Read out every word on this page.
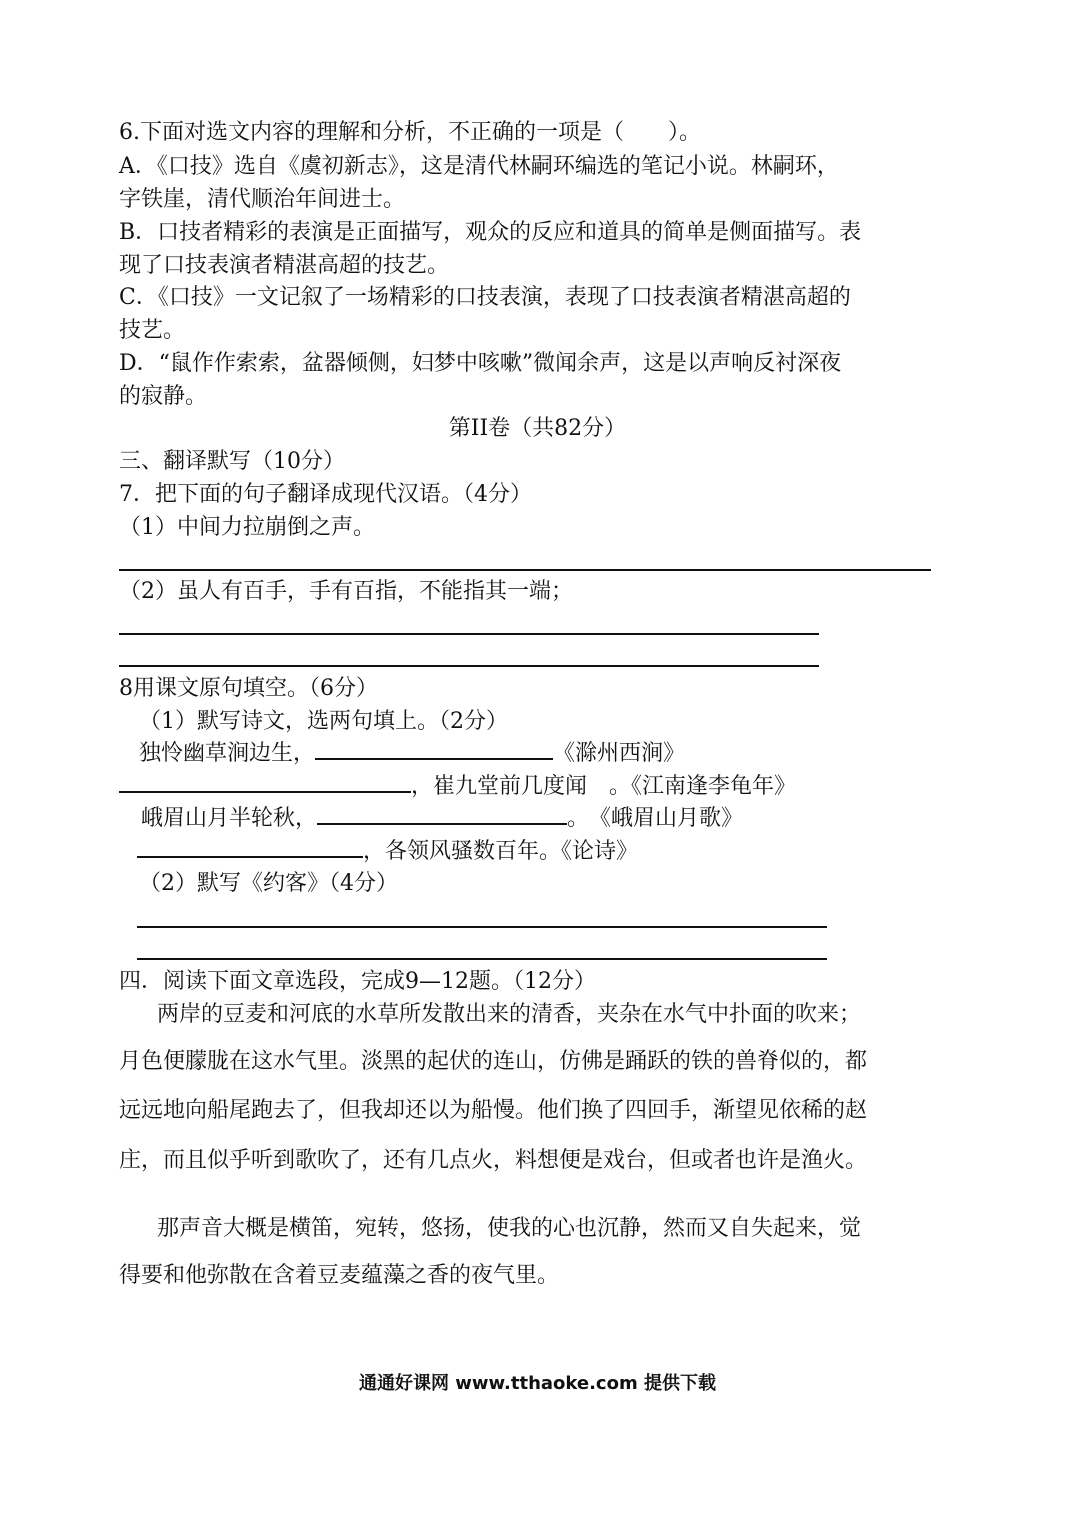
6.下面对选文内容的理解和分析，不正确的一项是（　　）。
A．《口技》选自《虞初新志》，这是清代林嗣环编选的笔记小说。林嗣环，
字铁崖，清代顺治年间进士。
B．口技者精彩的表演是正面描写，观众的反应和道具的简单是侧面描写。表
现了口技表演者精湛高超的技艺。
C．《口技》一文记叙了一场精彩的口技表演，表现了口技表演者精湛高超的
技艺。
D．“鼠作作索索，盆器倾侧，妇梦中咳嗽”微闻余声，这是以声响反衬深夜
的寂静。
第II卷（共82分）
三、翻译默写（10分）
7．把下面的句子翻译成现代汉语。（4分）
（1）中间力拉崩倒之声。
（2）虽人有百手，手有百指，不能指其一端；
8用课文原句填空。（6分）
（1）默写诗文，选两句填上。（2分）
独怜幽草涧边生，	《滁州西涧》
，崔九堂前几度闻　。《江南逢李龟年》
峨眉山月半轮秋，	。　《峨眉山月歌》
，各领风骚数百年。《论诗》
（2）默写《约客》（4分）
四．阅读下面文章选段，完成9—12题。（12分）
两岸的豆麦和河底的水草所发散出来的清香，夹杂在水气中扑面的吹来；
月色便朦胧在这水气里。淡黑的起伏的连山，仿佛是踊跃的铁的兽脊似的，都
远远地向船尾跑去了，但我却还以为船慢。他们换了四回手，渐望见依稀的赵
庄，而且似乎听到歌吹了，还有几点火，料想便是戏台，但或者也许是渔火。
那声音大概是横笛，宛转，悠扬，使我的心也沉静，然而又自失起来，觉
得要和他弥散在含着豆麦蕴藻之香的夜气里。
通通好课网 www.tthaoke.com 提供下载
